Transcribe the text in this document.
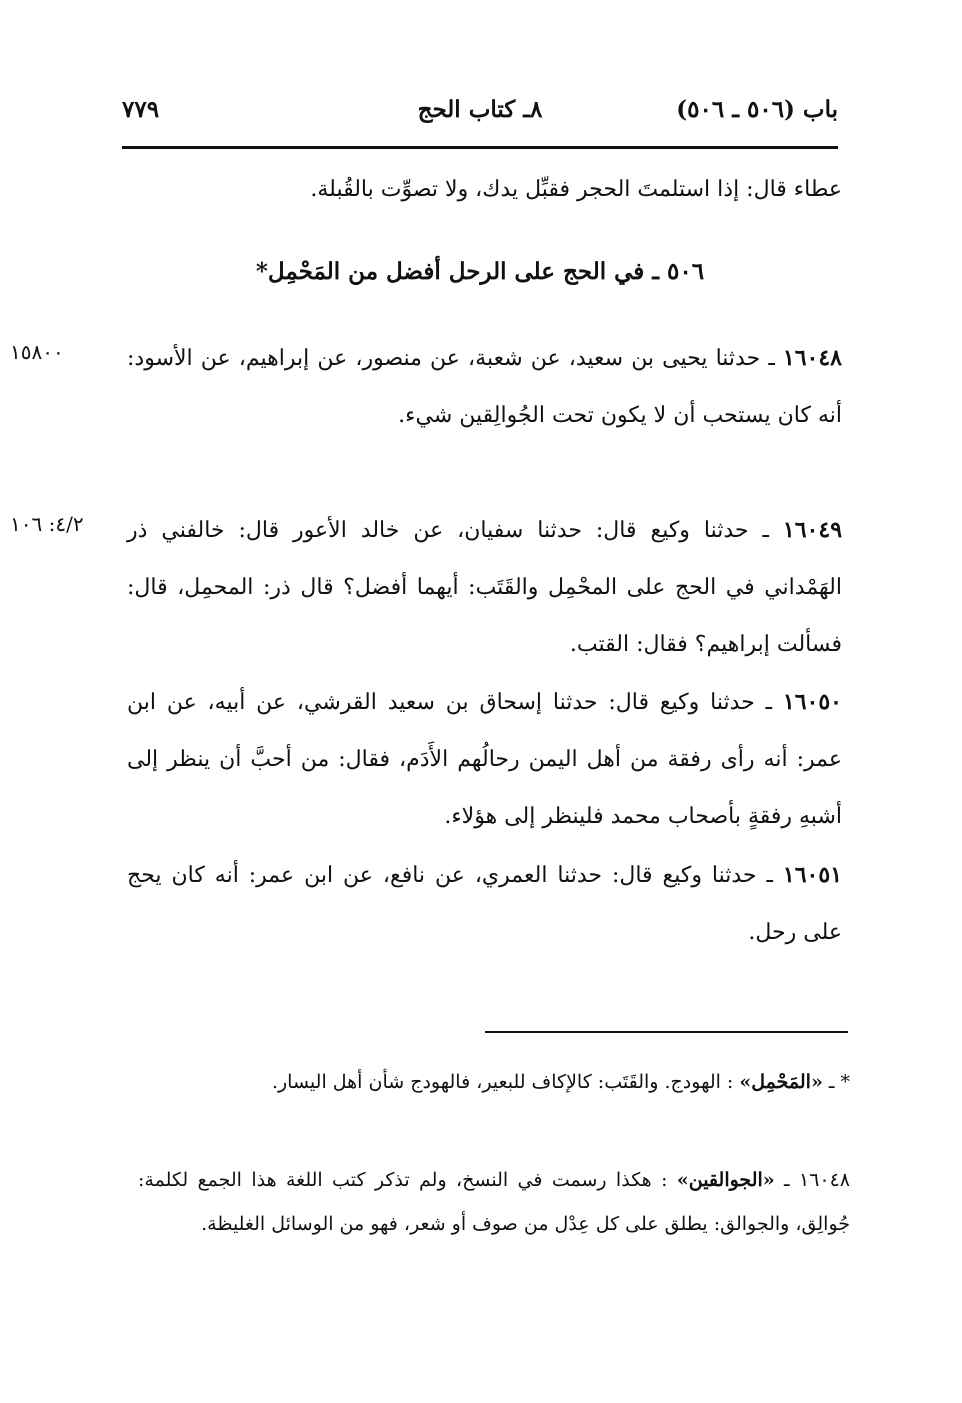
باب (٥٠٦ ـ ٥٠٦)
٨ـ كتاب الحج
٧٧٩
عطاء قال: إذا استلمتَ الحجر فقبِّل يدك، ولا تصوِّت بالقُبلة.
٥٠٦ ـ في الحج على الرحل أفضل من المَحْمِل*
١٥٨٠٠	١٦٠٤٨ ـ حدثنا يحيى بن سعيد، عن شعبة، عن منصور، عن إبراهيم، عن الأسود: أنه كان يستحب أن لا يكون تحت الجُوالِقين شيء.
٤/٢: ١٠٦	١٦٠٤٩ ـ حدثنا وكيع قال: حدثنا سفيان، عن خالد الأعور قال: خالفني ذر الهَمْداني في الحج على المحْمِل والقَتَب: أيهما أفضل؟ قال ذر: المحمِل، قال: فسألت إبراهيم؟ فقال: القتب.
١٦٠٥٠ ـ حدثنا وكيع قال: حدثنا إسحاق بن سعيد القرشي، عن أبيه، عن ابن عمر: أنه رأى رفقة من أهل اليمن رحالُهم الأَدَم، فقال: من أحبَّ أن ينظر إلى أشبهِ رفقةٍ بأصحاب محمد فلينظر إلى هؤلاء.
١٦٠٥١ ـ حدثنا وكيع قال: حدثنا العمري، عن نافع، عن ابن عمر: أنه كان يحج على رحل.
* ـ «المَحْمِل» : الهودج. والقَتَب: كالإكاف للبعير، فالهودج شأن أهل اليسار.
١٦٠٤٨ ـ «الجوالقين» : هكذا رسمت في النسخ، ولم تذكر كتب اللغة هذا الجمع لكلمة: جُوالِق، والجوالق: يطلق على كل عِدْل من صوف أو شعر، فهو من الوسائل الغليظة.
